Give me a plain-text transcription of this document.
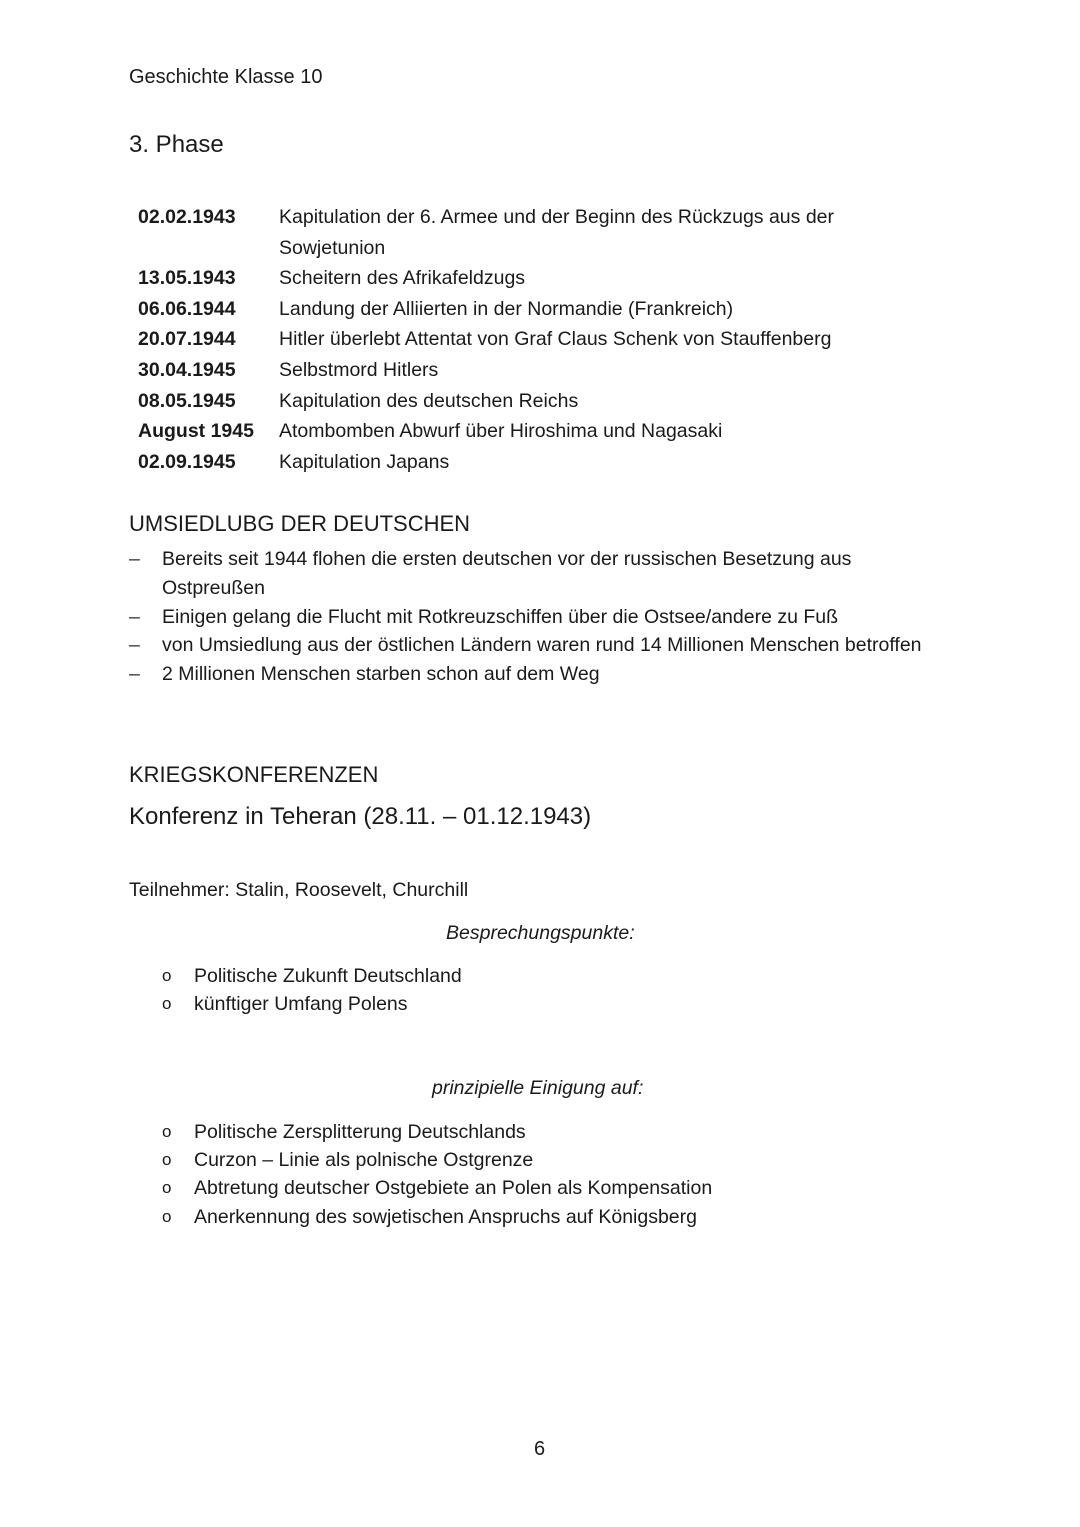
Geschichte Klasse 10
3. Phase
02.02.1943	Kapitulation der 6. Armee und der Beginn des Rückzugs aus der
Sowjetunion
13.05.1943	Scheitern des Afrikafeldzugs
06.06.1944	Landung der Alliierten in der Normandie (Frankreich)
20.07.1944	Hitler überlebt Attentat von Graf Claus Schenk von Stauffenberg
30.04.1945	Selbstmord Hitlers
08.05.1945	Kapitulation des deutschen Reichs
August 1945	Atombomben Abwurf über Hiroshima und Nagasaki
02.09.1945	Kapitulation Japans
UMSIEDLUBG DER DEUTSCHEN
–	Bereits seit 1944 flohen die ersten deutschen vor der russischen Besetzung aus
Ostpreußen
–	Einigen gelang die Flucht mit Rotkreuzschiffen über die Ostsee/andere zu Fuß
–	von Umsiedlung aus der östlichen Ländern waren rund 14 Millionen Menschen betroffen
–	2 Millionen Menschen starben schon auf dem Weg
KRIEGSKONFERENZEN
Konferenz in Teheran (28.11. – 01.12.1943)
Teilnehmer: Stalin, Roosevelt, Churchill
Besprechungspunkte:
o	Politische Zukunft Deutschland
o	künftiger Umfang Polens
prinzipielle Einigung auf:
o	Politische Zersplitterung Deutschlands
o	Curzon – Linie als polnische Ostgrenze
o	Abtretung deutscher Ostgebiete an Polen als Kompensation
o	Anerkennung des sowjetischen Anspruchs auf Königsberg
6
